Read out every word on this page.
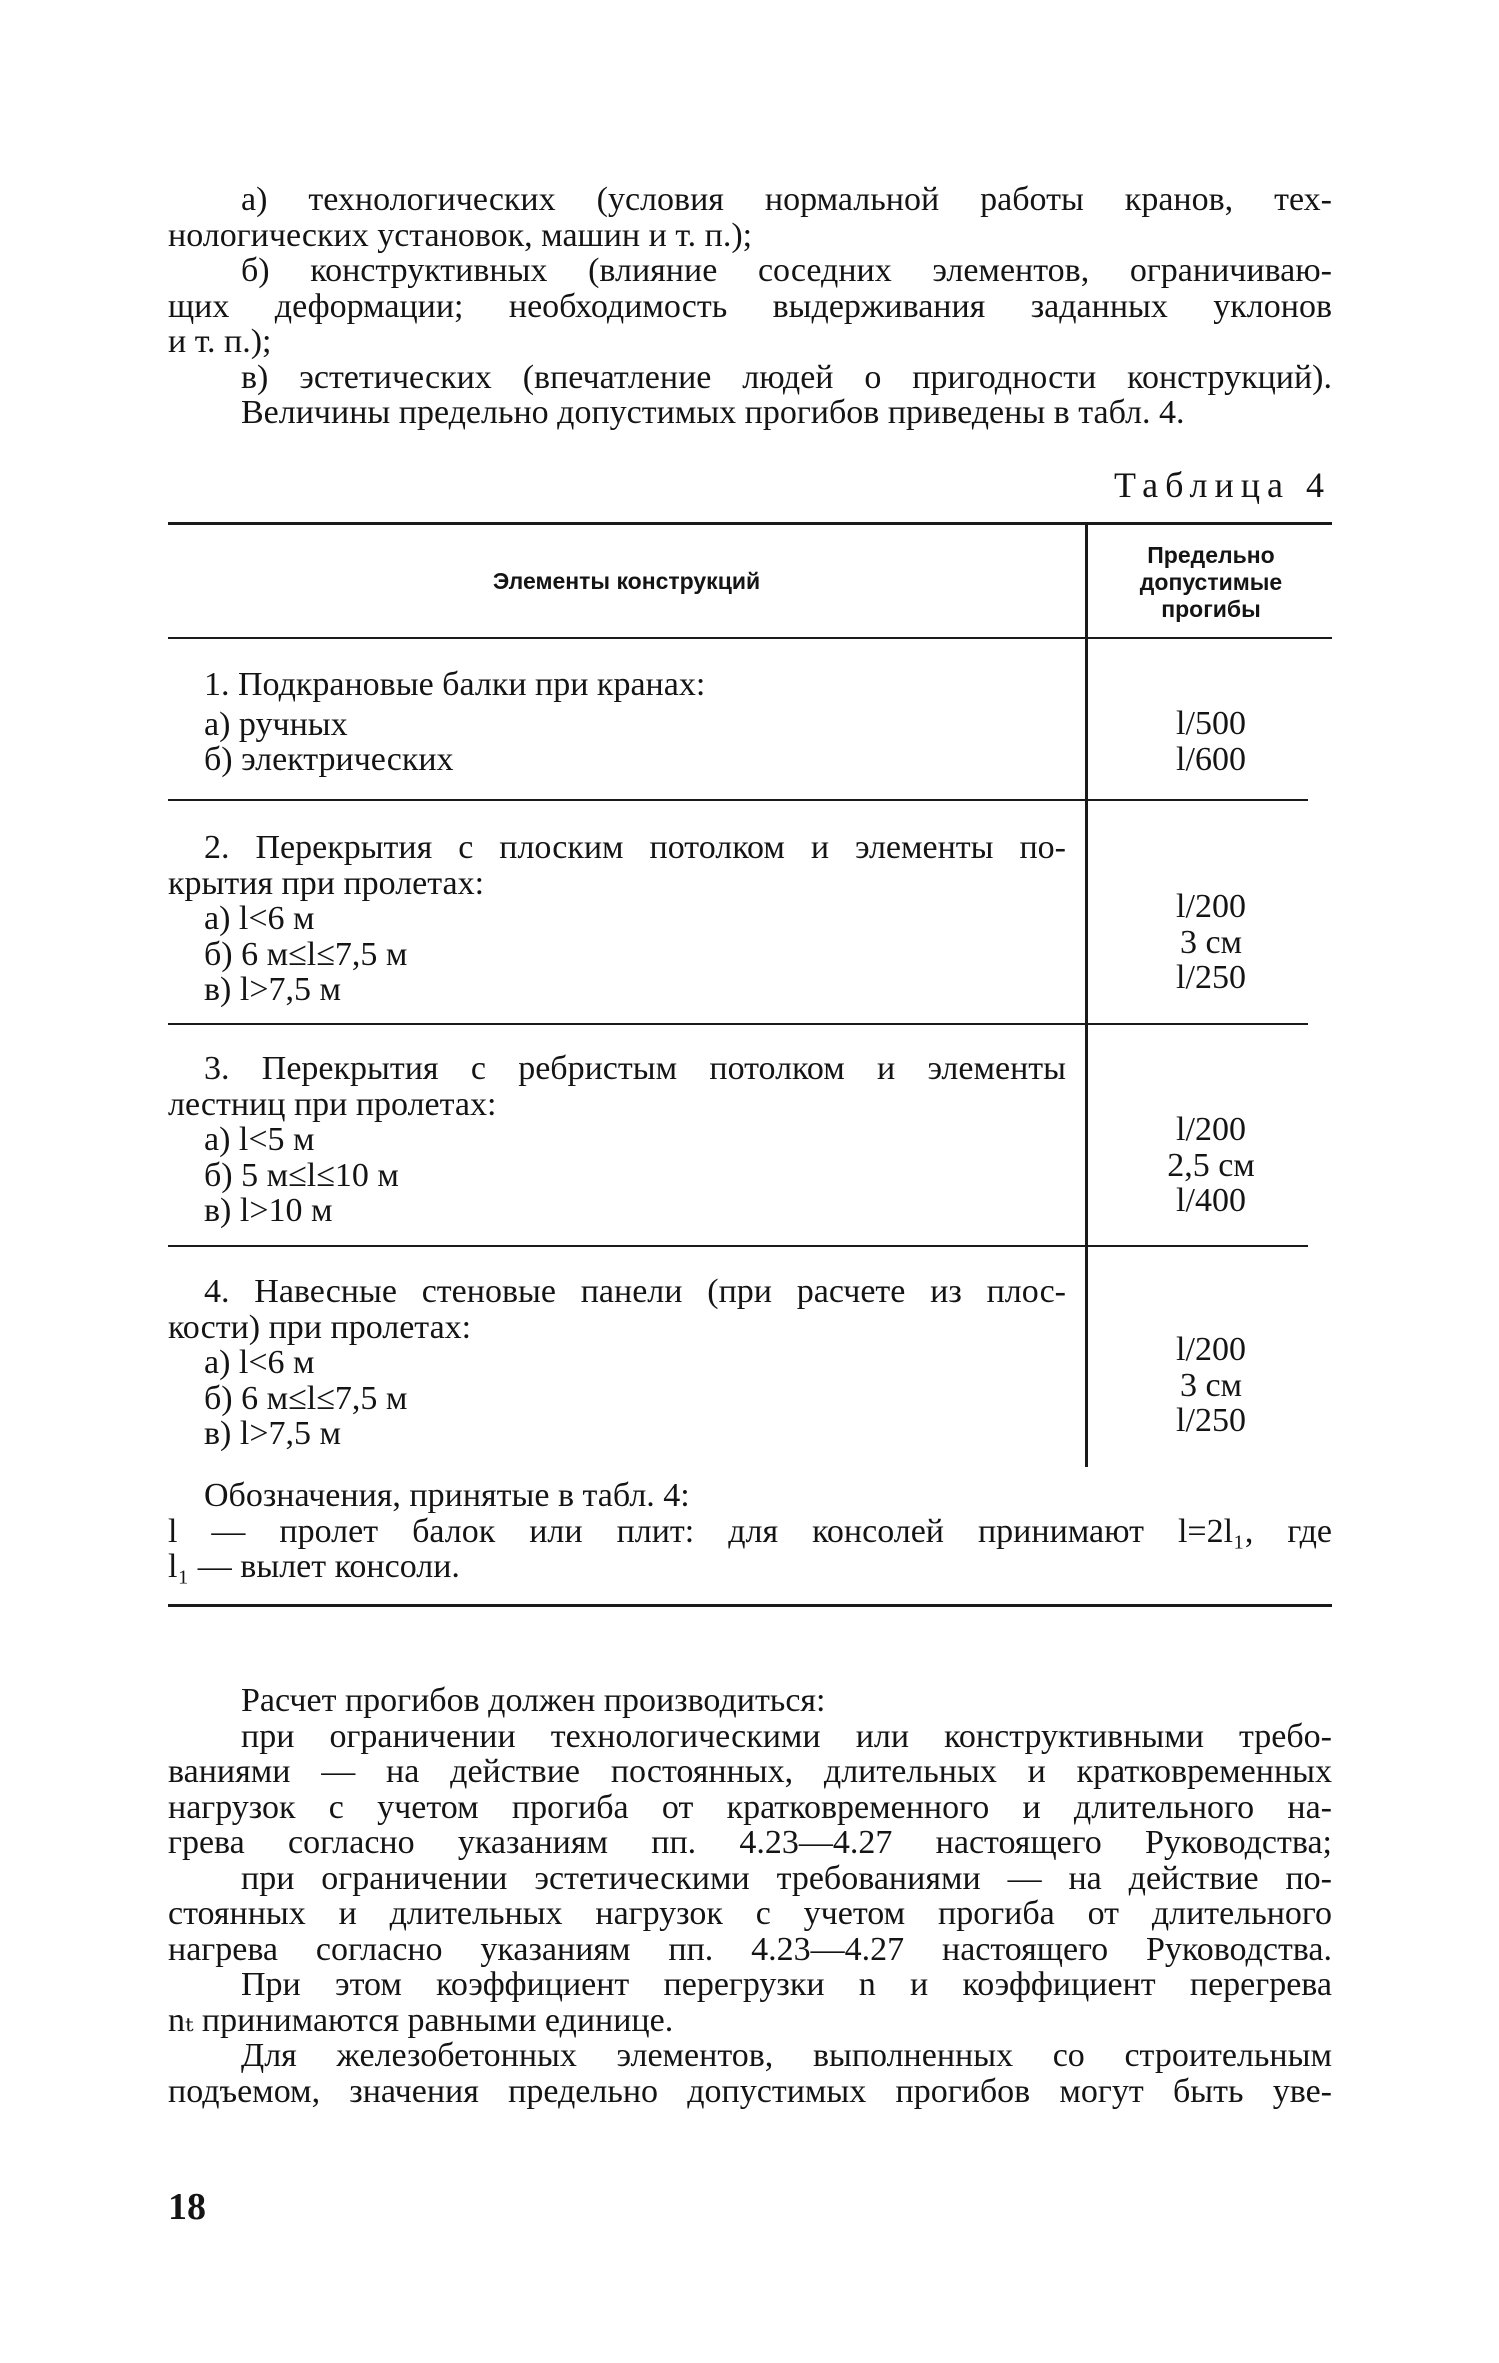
а) технологических (условия нормальной работы кранов, тех-
нологических установок, машин и т. п.);
б) конструктивных (влияние соседних элементов, ограничиваю-
щих деформации; необходимость выдерживания заданных уклонов
и т. п.);
в) эстетических (впечатление людей о пригодности конструкций).
Величины предельно допустимых прогибов приведены в табл. 4.
Таблица 4
Элементы конструкций
Предельно
допустимые
прогибы
1. Подкрановые балки при кранах:
а) ручных
б) электрических
l/500
l/600
2. Перекрытия с плоским потолком и элементы по-
крытия при пролетах:
а) l<6 м
б) 6 м≤l≤7,5 м
в) l>7,5 м
l/200
3 см
l/250
3. Перекрытия с ребристым потолком и элементы
лестниц при пролетах:
а) l<5 м
б) 5 м≤l≤10 м
в) l>10 м
l/200
2,5 см
l/400
4. Навесные стеновые панели (при расчете из плос-
кости) при пролетах:
а) l<6 м
б) 6 м≤l≤7,5 м
в) l>7,5 м
l/200
3 см
l/250
Обозначения, принятые в табл. 4:
l — пролет балок или плит: для консолей принимают l=2l₁, где
l₁ — вылет консоли.
Расчет прогибов должен производиться:
при ограничении технологическими или конструктивными требо-
ваниями — на действие постоянных, длительных и кратковременных
нагрузок с учетом прогиба от кратковременного и длительного на-
грева согласно указаниям пп. 4.23—4.27 настоящего Руководства;
при ограничении эстетическими требованиями — на действие по-
стоянных и длительных нагрузок с учетом прогиба от длительного
нагрева согласно указаниям пп. 4.23—4.27 настоящего Руководства.
При этом коэффициент перегрузки n и коэффициент перегрева
nₜ принимаются равными единице.
Для железобетонных элементов, выполненных со строительным
подъемом, значения предельно допустимых прогибов могут быть уве-
18
